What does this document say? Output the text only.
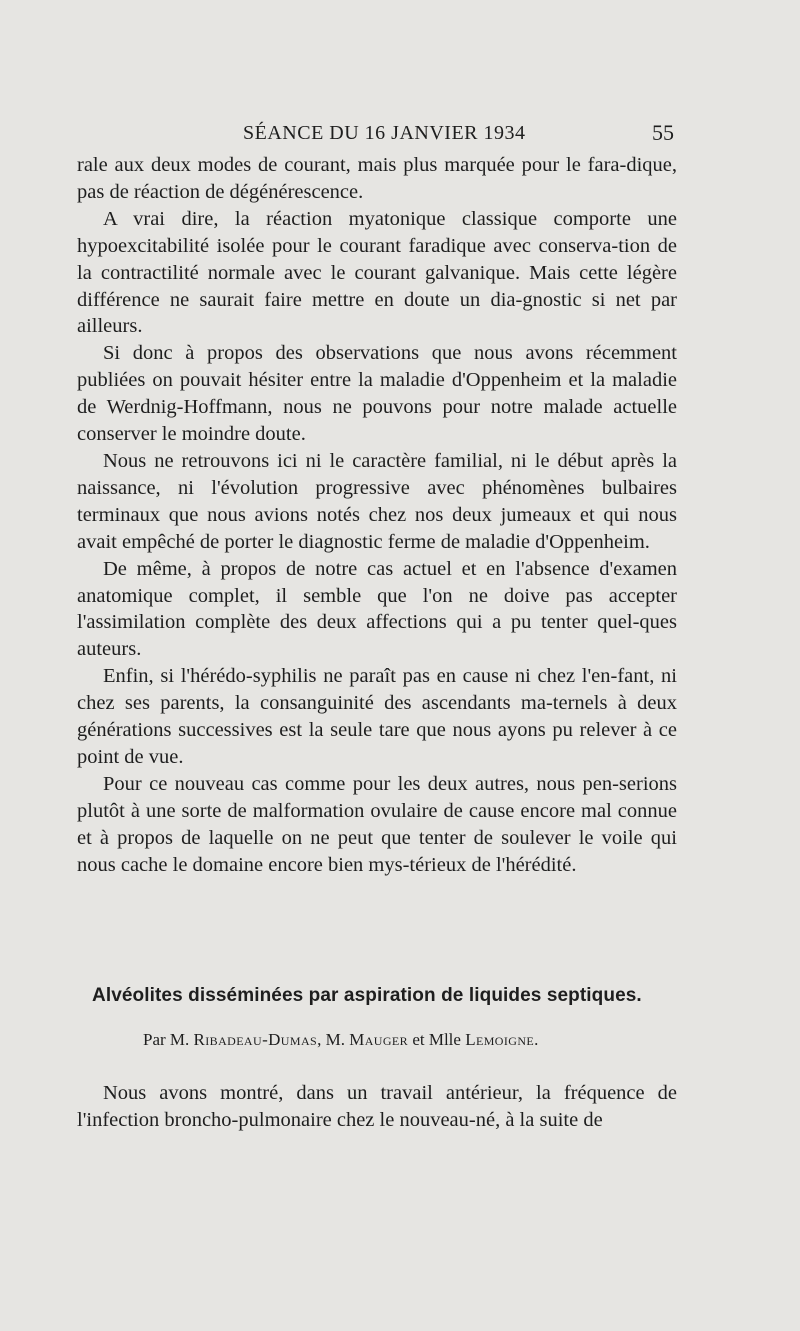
SÉANCE DU 16 JANVIER 1934	55

rale aux deux modes de courant, mais plus marquée pour le fara-dique, pas de réaction de dégénérescence.

A vrai dire, la réaction myatonique classique comporte une hypoexcitabilité isolée pour le courant faradique avec conserva-tion de la contractilité normale avec le courant galvanique. Mais cette légère différence ne saurait faire mettre en doute un dia-gnostic si net par ailleurs.

Si donc à propos des observations que nous avons récemment publiées on pouvait hésiter entre la maladie d'Oppenheim et la maladie de Werdnig-Hoffmann, nous ne pouvons pour notre malade actuelle conserver le moindre doute.

Nous ne retrouvons ici ni le caractère familial, ni le début après la naissance, ni l'évolution progressive avec phénomènes bulbaires terminaux que nous avions notés chez nos deux jumeaux et qui nous avait empêché de porter le diagnostic ferme de maladie d'Oppenheim.

De même, à propos de notre cas actuel et en l'absence d'examen anatomique complet, il semble que l'on ne doive pas accepter l'assimilation complète des deux affections qui a pu tenter quel-ques auteurs.

Enfin, si l'hérédo-syphilis ne paraît pas en cause ni chez l'en-fant, ni chez ses parents, la consanguinité des ascendants ma-ternels à deux générations successives est la seule tare que nous ayons pu relever à ce point de vue.

Pour ce nouveau cas comme pour les deux autres, nous pen-serions plutôt à une sorte de malformation ovulaire de cause encore mal connue et à propos de laquelle on ne peut que tenter de soulever le voile qui nous cache le domaine encore bien mys-térieux de l'hérédité.

Alvéolites disséminées par aspiration de liquides septiques.
Par M. Ribadeau-Dumas, M. Mauger et Mlle Lemoigne.

Nous avons montré, dans un travail antérieur, la fréquence de l'infection broncho-pulmonaire chez le nouveau-né, à la suite de
